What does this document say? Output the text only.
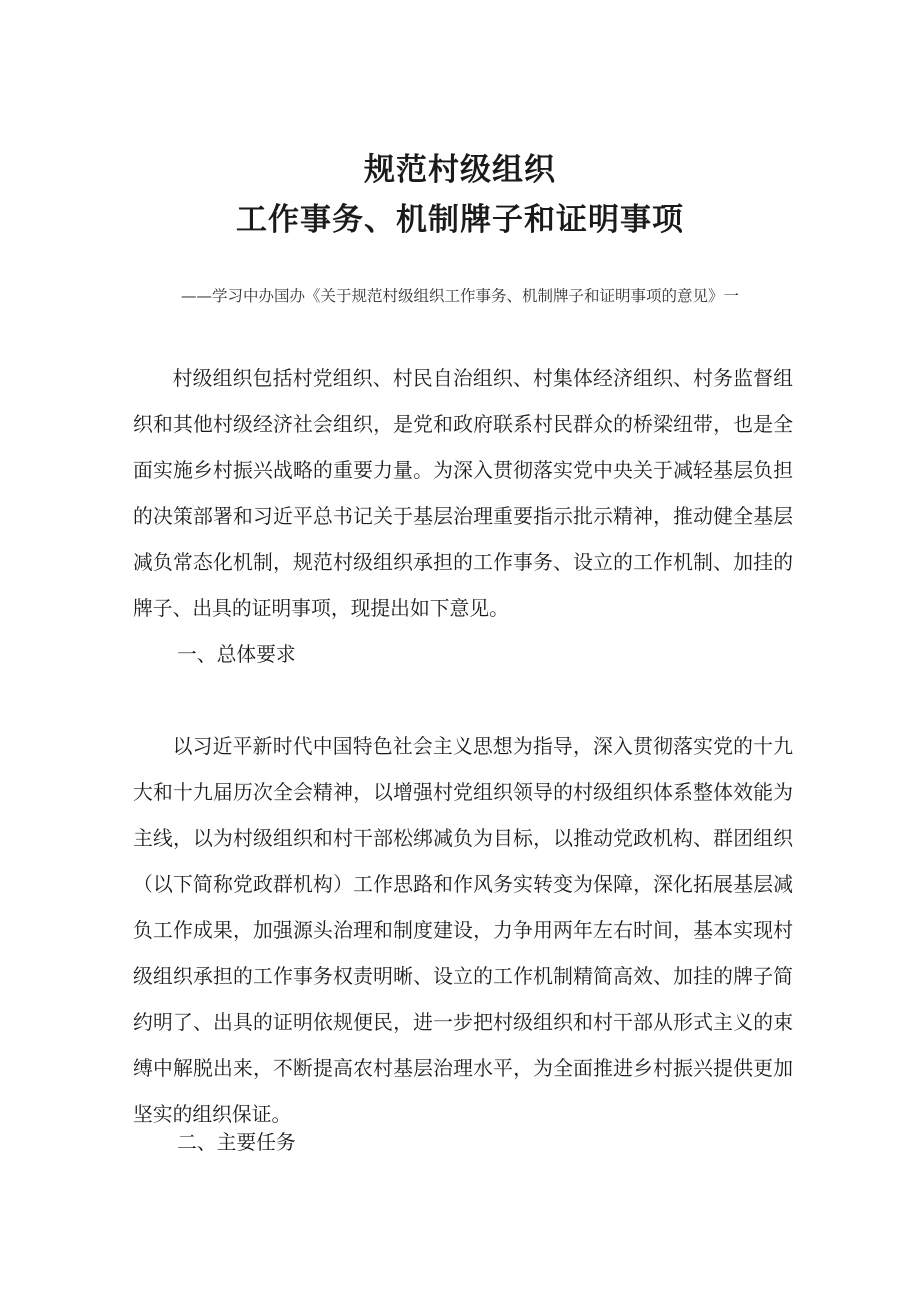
规范村级组织
工作事务、机制牌子和证明事项
——学习中办国办《关于规范村级组织工作事务、机制牌子和证明事项的意见》一
村级组织包括村党组织、村民自治组织、村集体经济组织、村务监督组织和其他村级经济社会组织，是党和政府联系村民群众的桥梁纽带，也是全面实施乡村振兴战略的重要力量。为深入贯彻落实党中央关于减轻基层负担的决策部署和习近平总书记关于基层治理重要指示批示精神，推动健全基层减负常态化机制，规范村级组织承担的工作事务、设立的工作机制、加挂的牌子、出具的证明事项，现提出如下意见。
一、总体要求
以习近平新时代中国特色社会主义思想为指导，深入贯彻落实党的十九大和十九届历次全会精神，以增强村党组织领导的村级组织体系整体效能为主线，以为村级组织和村干部松绑减负为目标，以推动党政机构、群团组织（以下简称党政群机构）工作思路和作风务实转变为保障，深化拓展基层减负工作成果，加强源头治理和制度建设，力争用两年左右时间，基本实现村级组织承担的工作事务权责明晰、设立的工作机制精简高效、加挂的牌子简约明了、出具的证明依规便民，进一步把村级组织和村干部从形式主义的束缚中解脱出来，不断提高农村基层治理水平，为全面推进乡村振兴提供更加坚实的组织保证。
二、主要任务
